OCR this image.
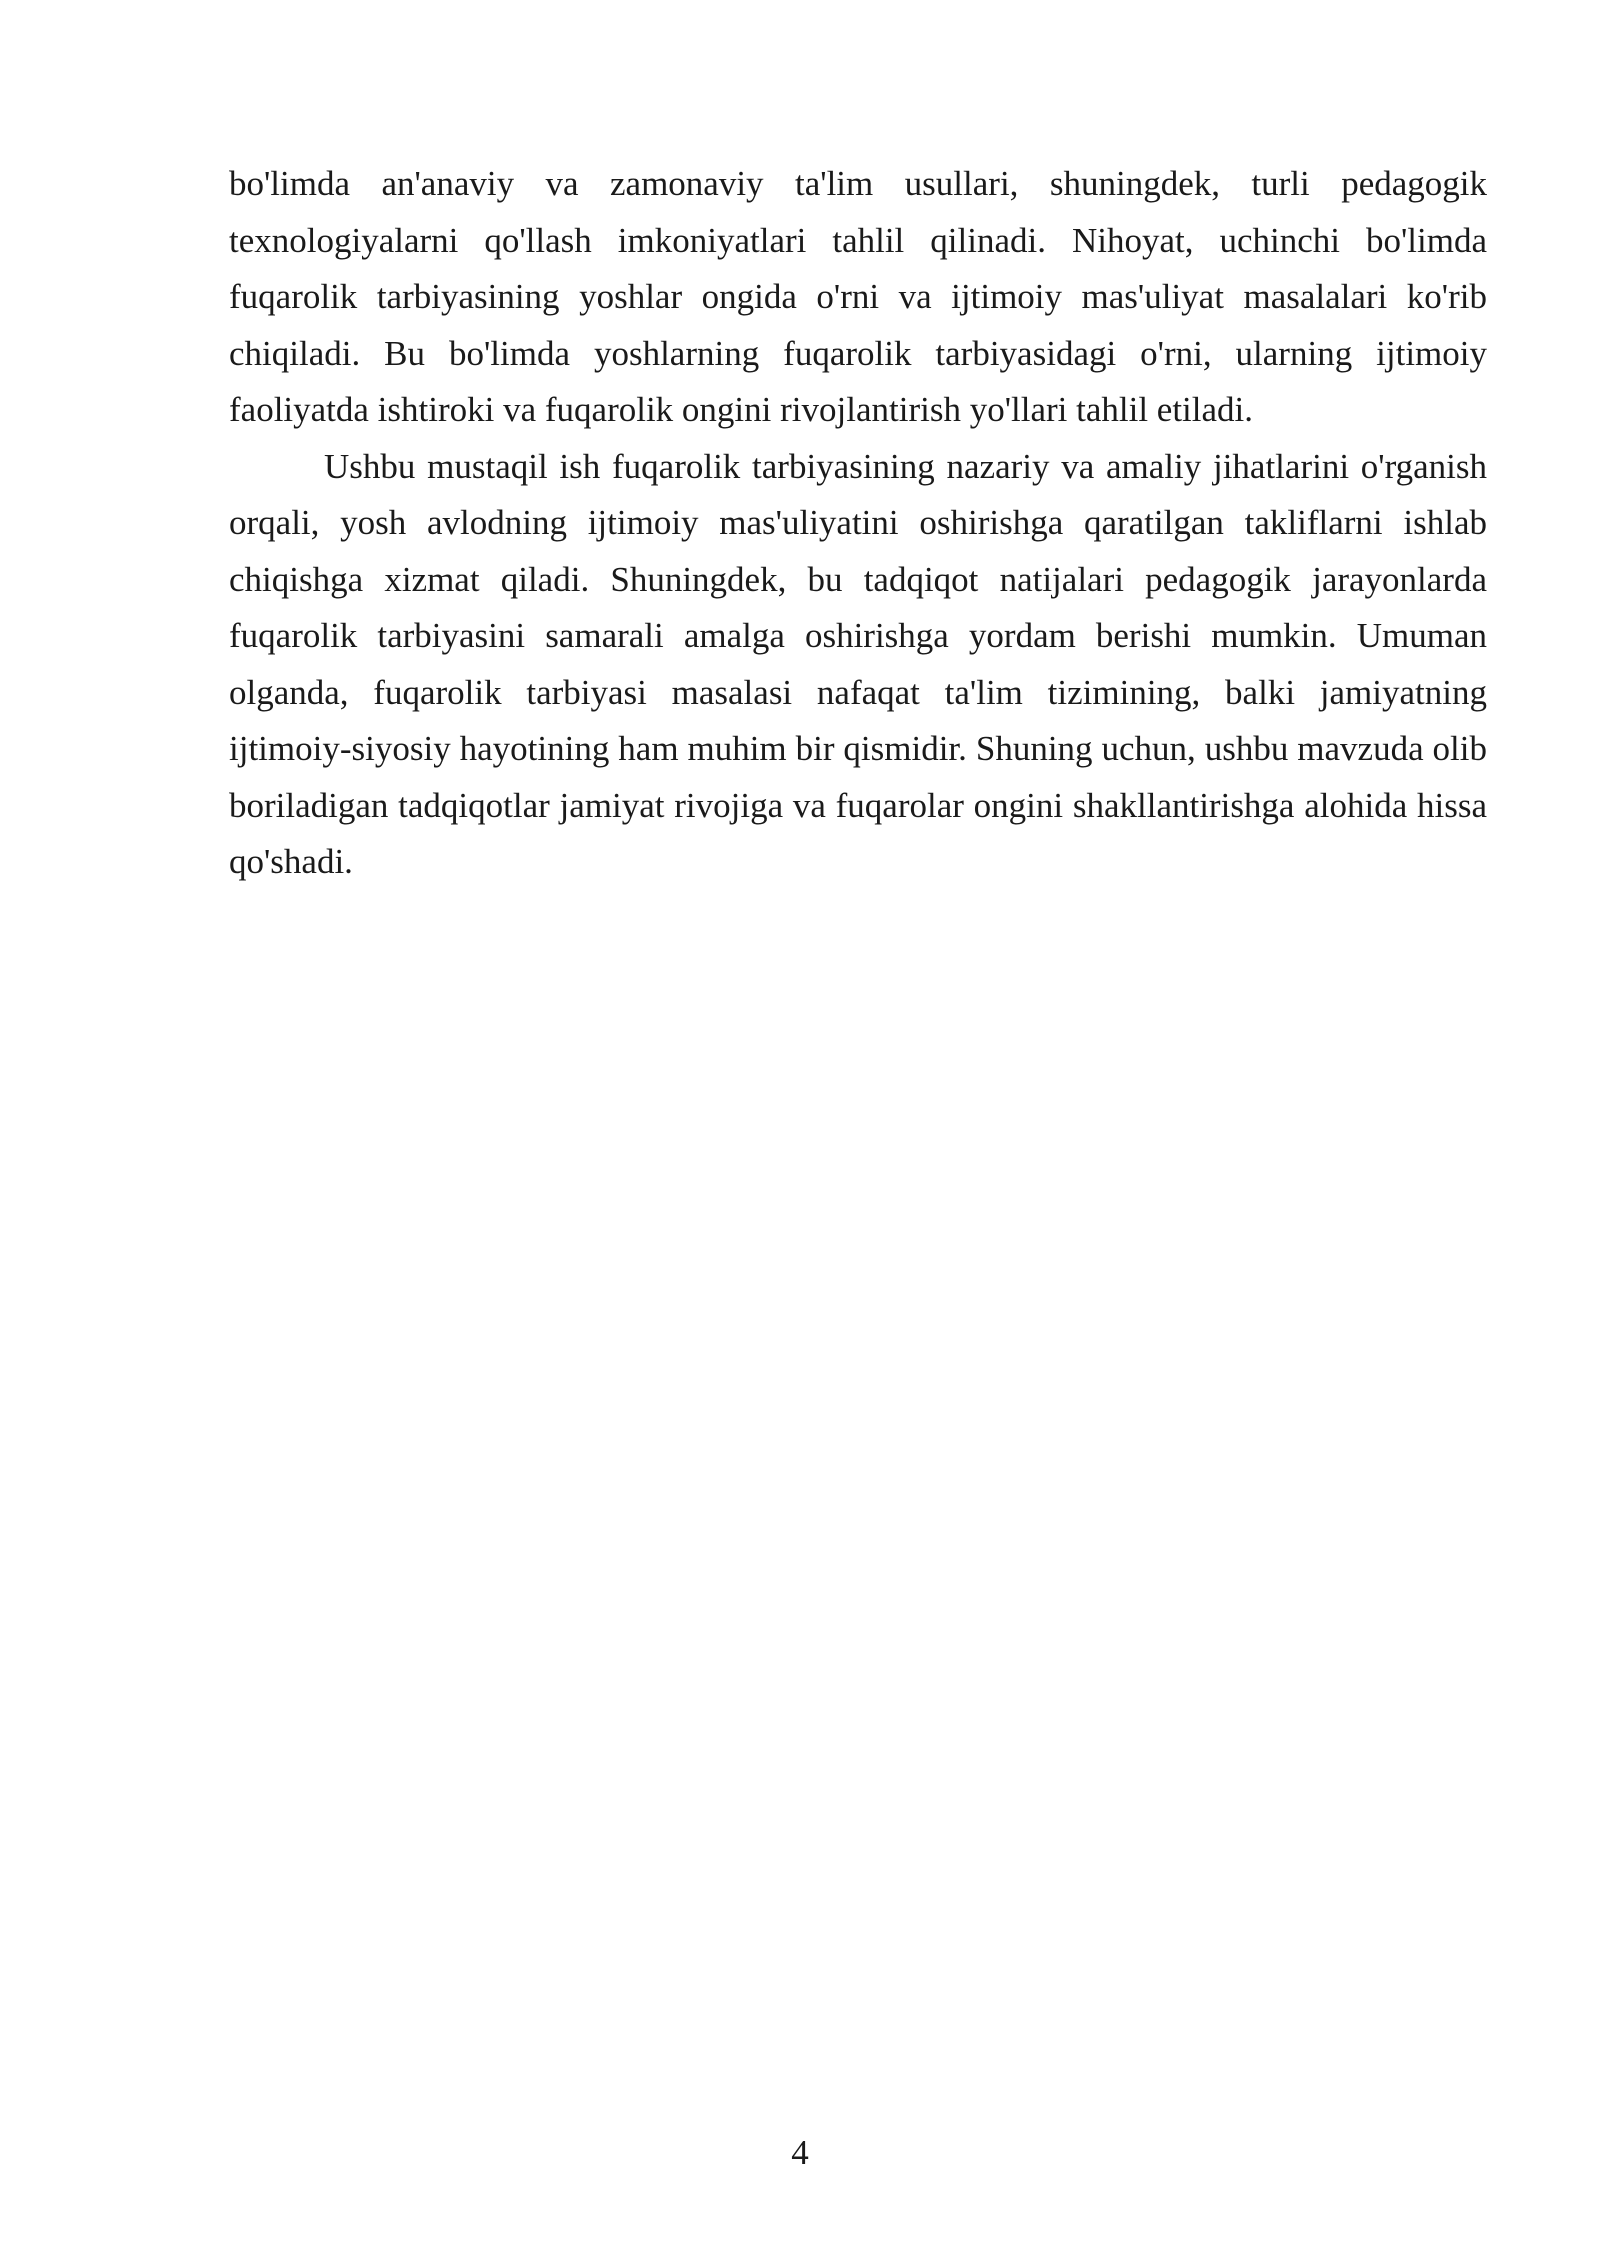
bo'limda an'anaviy va zamonaviy ta'lim usullari, shuningdek, turli pedagogik texnologiyalarni qo'llash imkoniyatlari tahlil qilinadi. Nihoyat, uchinchi bo'limda fuqarolik tarbiyasining yoshlar ongida o'rni va ijtimoiy mas'uliyat masalalari ko'rib chiqiladi. Bu bo'limda yoshlarning fuqarolik tarbiyasidagi o'rni, ularning ijtimoiy faoliyatda ishtiroki va fuqarolik ongini rivojlantirish yo'llari tahlil etiladi.

Ushbu mustaqil ish fuqarolik tarbiyasining nazariy va amaliy jihatlarini o'rganish orqali, yosh avlodning ijtimoiy mas'uliyatini oshirishga qaratilgan takliflarni ishlab chiqishga xizmat qiladi. Shuningdek, bu tadqiqot natijalari pedagogik jarayonlarda fuqarolik tarbiyasini samarali amalga oshirishga yordam berishi mumkin. Umuman olganda, fuqarolik tarbiyasi masalasi nafaqat ta'lim tizimining, balki jamiyatning ijtimoiy-siyosiy hayotining ham muhim bir qismidir. Shuning uchun, ushbu mavzuda olib boriladigan tadqiqotlar jamiyat rivojiga va fuqarolar ongini shakllantirishga alohida hissa qo'shadi.

4
